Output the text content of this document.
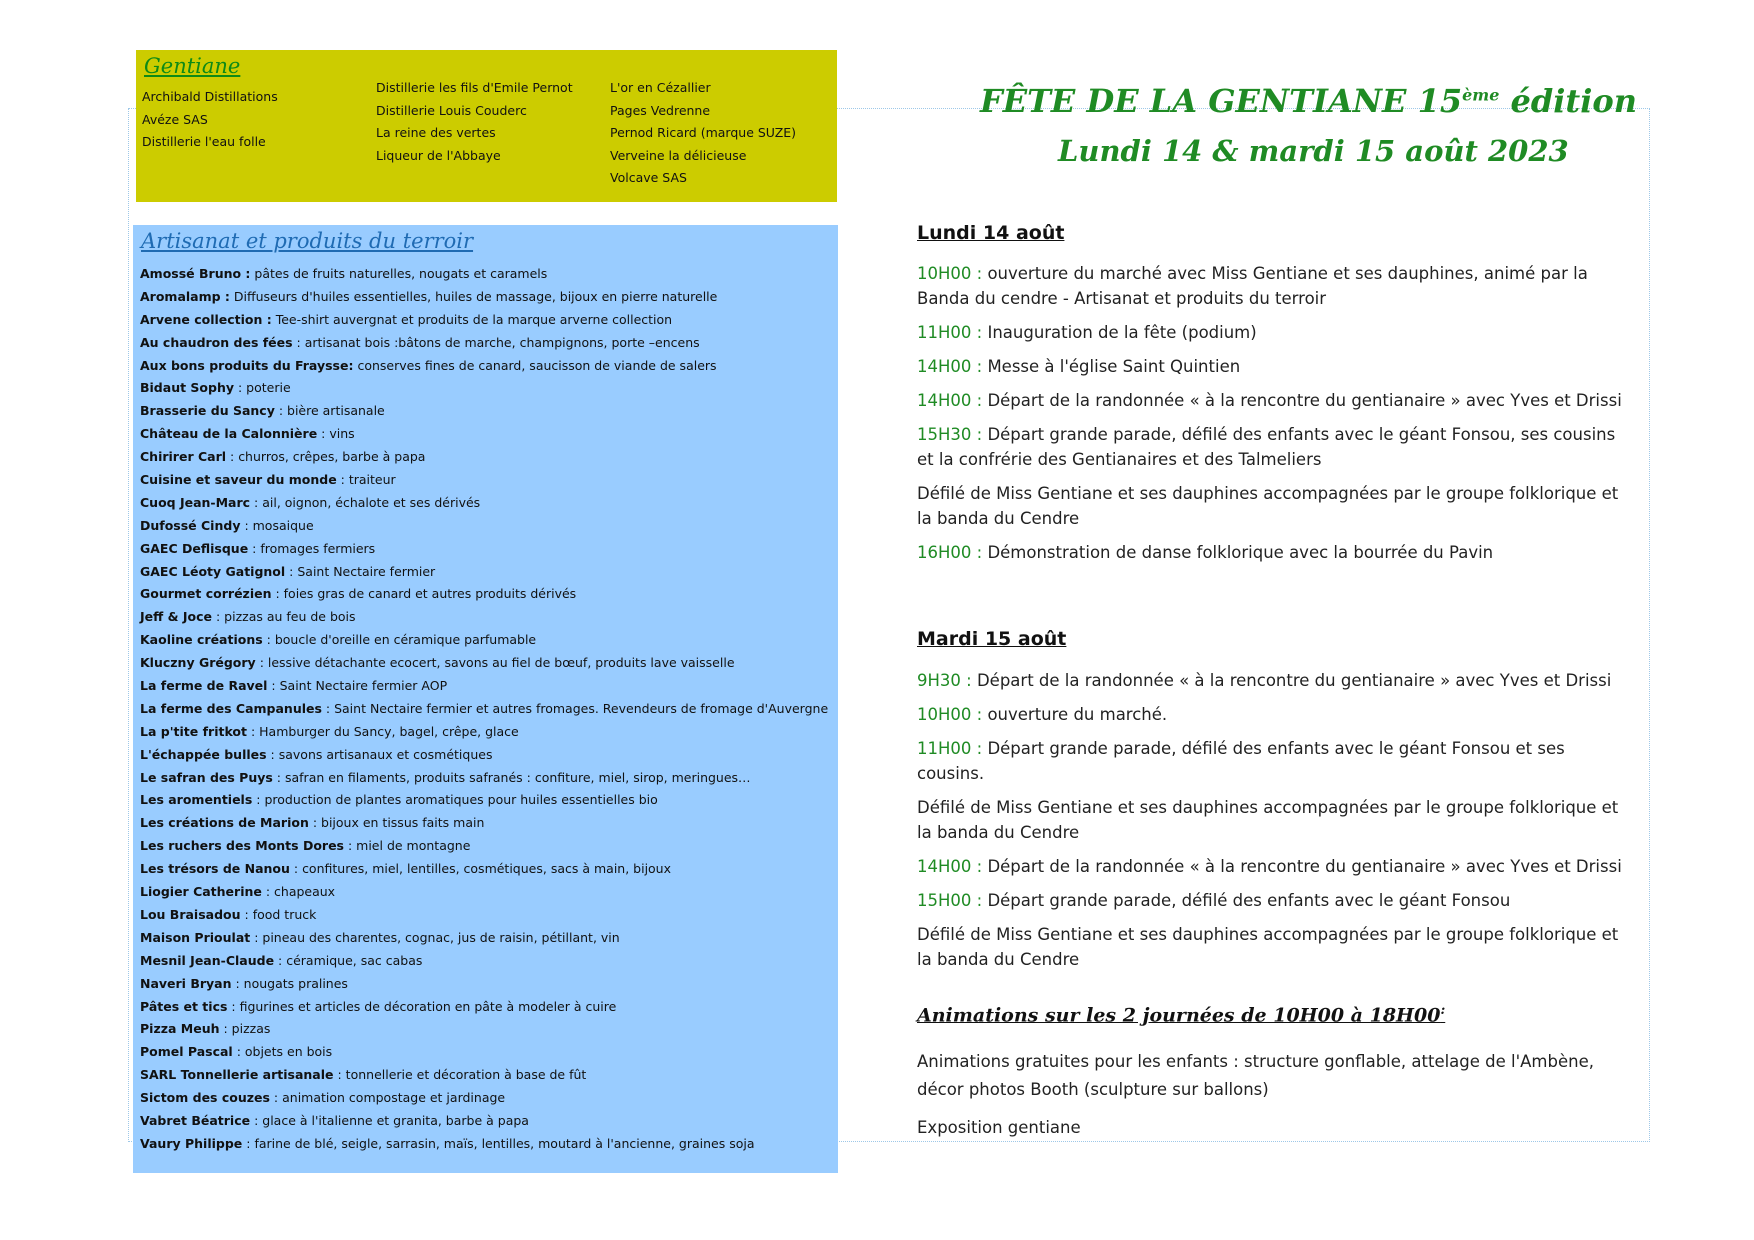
Gentiane
Archibald Distillations
Avéze SAS
Distillerie l'eau folle
Distillerie les fils d'Emile Pernot
Distillerie Louis Couderc
La reine des vertes
Liqueur de l'Abbaye
L'or en Cézallier
Pages Vedrenne
Pernod Ricard (marque SUZE)
Verveine la délicieuse
Volcave SAS
Artisanat et produits du terroir
Amossé Bruno : pâtes de fruits naturelles, nougats et caramels
Aromalamp : Diffuseurs d'huiles essentielles, huiles de massage, bijoux en pierre naturelle
Arvene collection : Tee-shirt auvergnat et produits de la marque arverne collection
Au chaudron des fées : artisanat bois :bâtons de marche, champignons, porte –encens
Aux bons produits du Fraysse: conserves fines de canard, saucisson de viande de salers
Bidaut Sophy : poterie
Brasserie du Sancy : bière artisanale
Château de la Calonnière : vins
Chirirer Carl : churros, crêpes, barbe à papa
Cuisine et saveur du monde : traiteur
Cuoq Jean-Marc : ail, oignon, échalote et ses dérivés
Dufossé Cindy : mosaique
GAEC Deflisque : fromages fermiers
GAEC Léoty Gatignol : Saint Nectaire fermier
Gourmet corrézien : foies gras de canard et autres produits dérivés
Jeff & Joce : pizzas au feu de bois
Kaoline créations : boucle d'oreille en céramique parfumable
Kluczny Grégory : lessive détachante ecocert, savons au fiel de bœuf, produits lave vaisselle
La ferme de Ravel : Saint Nectaire fermier AOP
La ferme des Campanules : Saint Nectaire fermier et autres fromages. Revendeurs de fromage d'Auvergne
La p'tite fritkot : Hamburger du Sancy, bagel, crêpe, glace
L'échappée bulles : savons artisanaux et cosmétiques
Le safran des Puys : safran en filaments, produits safranés : confiture, miel, sirop, meringues…
Les aromentiels : production de plantes aromatiques pour huiles essentielles bio
Les créations de Marion : bijoux en tissus faits main
Les ruchers des Monts Dores : miel de montagne
Les trésors de Nanou : confitures, miel, lentilles, cosmétiques, sacs à main, bijoux
Liogier Catherine : chapeaux
Lou Braisadou : food truck
Maison Prioulat : pineau des charentes, cognac, jus de raisin, pétillant, vin
Mesnil Jean-Claude : céramique, sac cabas
Naveri Bryan : nougats pralines
Pâtes et tics : figurines et articles de décoration en pâte à modeler à cuire
Pizza Meuh : pizzas
Pomel Pascal : objets en bois
SARL Tonnellerie artisanale : tonnellerie et décoration à base de fût
Sictom des couzes : animation compostage et jardinage
Vabret Béatrice : glace à l'italienne et granita, barbe à papa
Vaury Philippe : farine de blé, seigle, sarrasin, maïs, lentilles, moutard à l'ancienne, graines soja
FÊTE DE LA GENTIANE 15ème édition
Lundi 14 & mardi 15 août 2023
Lundi 14 août
10H00 : ouverture du marché avec Miss Gentiane et ses dauphines, animé par la Banda du cendre - Artisanat et produits du terroir
11H00 : Inauguration de la fête (podium)
14H00 : Messe à l'église Saint Quintien
14H00 : Départ de la randonnée « à la rencontre du gentianaire » avec Yves et Drissi
15H30 : Départ grande parade, défilé des enfants avec le géant Fonsou, ses cousins et la confrérie des Gentianaires et des Talmeliers
Défilé de Miss Gentiane et ses dauphines accompagnées par le groupe folklorique et la banda du Cendre
16H00 : Démonstration de danse folklorique avec la bourrée du Pavin
Mardi 15 août
9H30 : Départ de la randonnée « à la rencontre du gentianaire » avec Yves et Drissi
10H00 : ouverture du marché.
11H00 : Départ grande parade, défilé des enfants avec le géant Fonsou et ses cousins.
Défilé de Miss Gentiane et ses dauphines accompagnées par le groupe folklorique et la banda du Cendre
14H00 : Départ de la randonnée « à la rencontre du gentianaire » avec Yves et Drissi
15H00 : Départ grande parade, défilé des enfants avec le géant Fonsou
Défilé de Miss Gentiane et ses dauphines accompagnées par le groupe folklorique et la banda du Cendre
Animations sur les 2 journées de 10H00 à 18H00:
Animations gratuites pour les enfants : structure gonflable, attelage de l'Ambène, décor photos Booth (sculpture sur ballons)
Exposition gentiane
